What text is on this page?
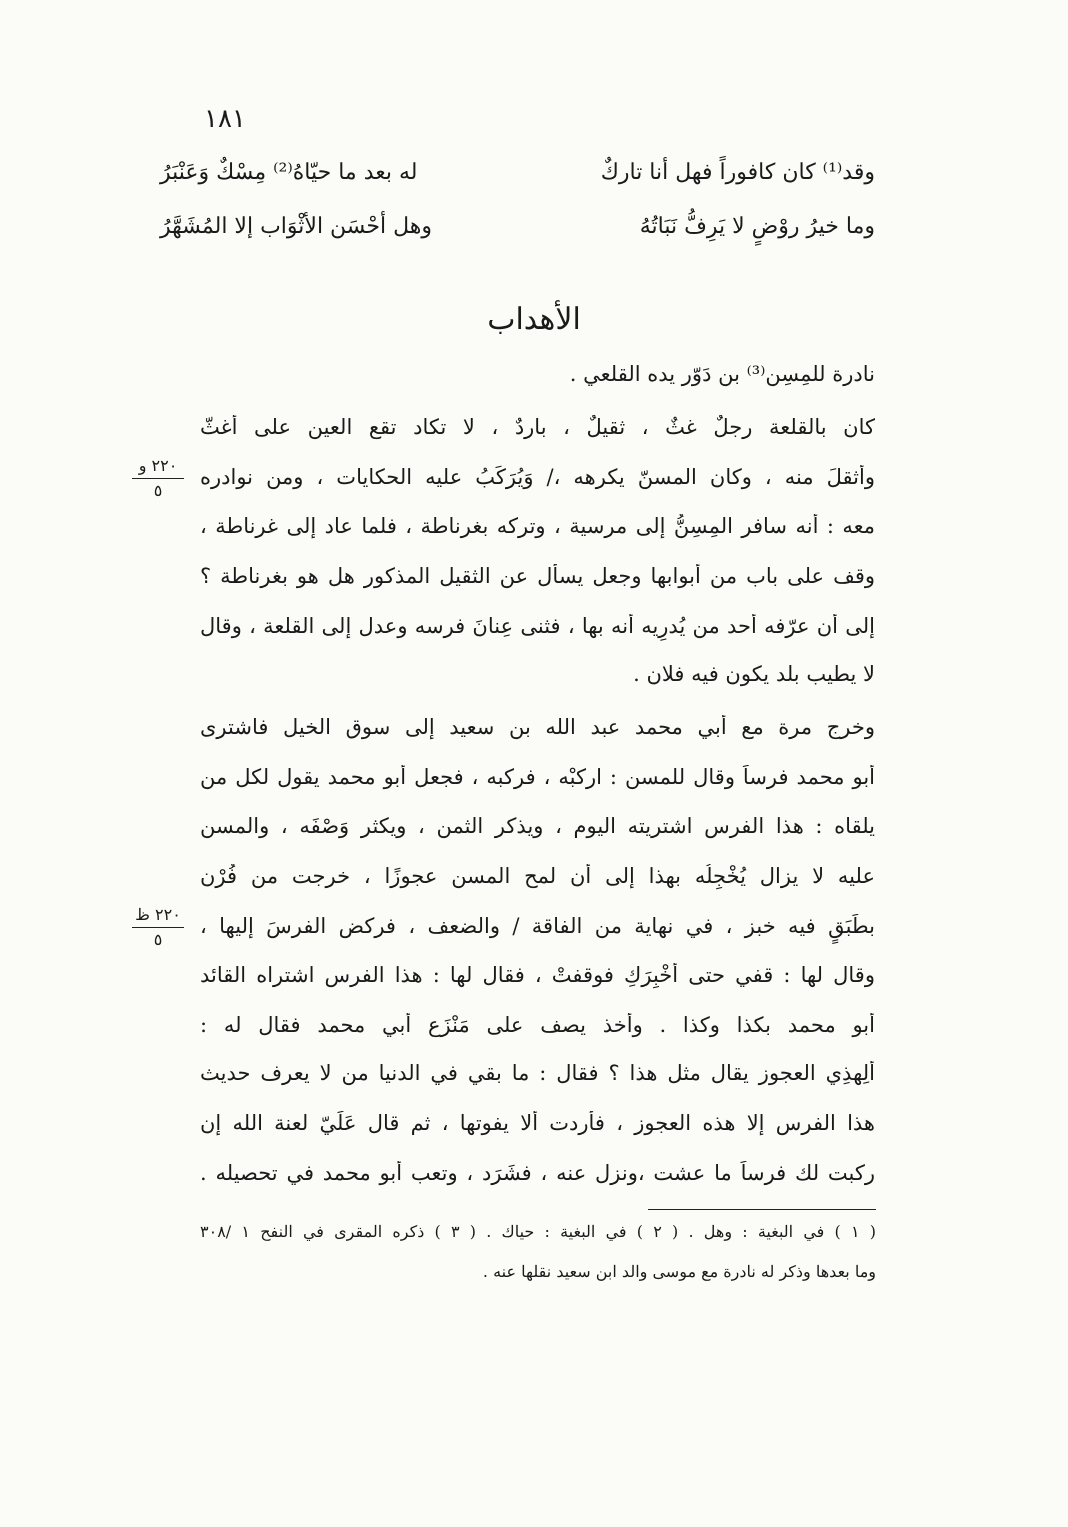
١٨١
وقد⁽¹⁾ كان كافوراً فهل أنا تاركٌ
له بعد ما حيّاهُ⁽²⁾ مِسْكٌ وَعَنْبَرُ
وما خيرُ روْضٍ لا يَرِفُّ نَبَاتُهُ
وهل أحْسَن الأثْوَاب إلا المُشَهَّرُ
الأهداب
نادرة للمِسِن⁽³⁾ بن دَوّر يده القلعي .
كان بالقلعة رجلٌ غثٌ ، ثقيلٌ ، باردٌ ، لا تكاد تقع العين على أغثّ
وأثقلَ منه ، وكان المسنّ يكرهه ،/ وَيُرَكِّبُ عليه الحكايات ، ومن نوادره
معه : أنه سافر المِسِنُّ إلى مرسية ، وتركه بغرناطة ، فلما عاد إلى غرناطة ،
وقف على باب من أبوابها وجعل يسأل عن الثقيل المذكور هل هو بغرناطة ؟
إلى أن عرّفه أحد من يُدرِيه أنه بها ، فثنى عِنانَ فرسه وعدل إلى القلعة ، وقال
لا يطيب بلد يكون فيه فلان .
وخرج مرة مع أبي محمد عبد الله بن سعيد إلى سوق الخيل فاشترى
أبو محمد فرساً وقال للمسن : اركبْه ، فركبه ، فجعل أبو محمد يقول لكل من
يلقاه : هذا الفرس اشتريته اليوم ، ويذكر الثمن ، ويكثر وَصْفَه ، والمسن
عليه لا يزال يُخْجِلُه بهذا إلى أن لمح المسن عجوزًا ، خرجت من فُرْن
بطَبَقٍ فيه خبز ، في نهاية من الفاقة / والضعف ، فركض الفرسَ إليها ،
وقال لها : قفي حتى أُخْبِرَكِ فوقفتْ ، فقال لها : هذا الفرس اشتراه القائد
أبو محمد بكذا وكذا . وأخذ يصف على مَنْزَع أبي محمد فقال له :
ألِهذِي العجوز يقال مثل هذا ؟ فقال : ما بقي في الدنيا من لا يعرف حديث
هذا الفرس إلا هذه العجوز ، فأردت ألا يفوتها ، ثم قال عَلَيّ لعنة الله إن
ركبت لك فرساً ما عشت ،ونزل عنه ، فشَرَد ، وتعب أبو محمد في تحصيله .
٢٢٠ و
٥
٢٢٠ ظ
٥
( ١ ) في البغية : وهل . ( ٢ ) في البغية : حياك . ( ٣ ) ذكره المقرى في النفح ١ /٣٠٨
وما بعدها وذكر له نادرة مع موسى والد ابن سعيد نقلها عنه .
